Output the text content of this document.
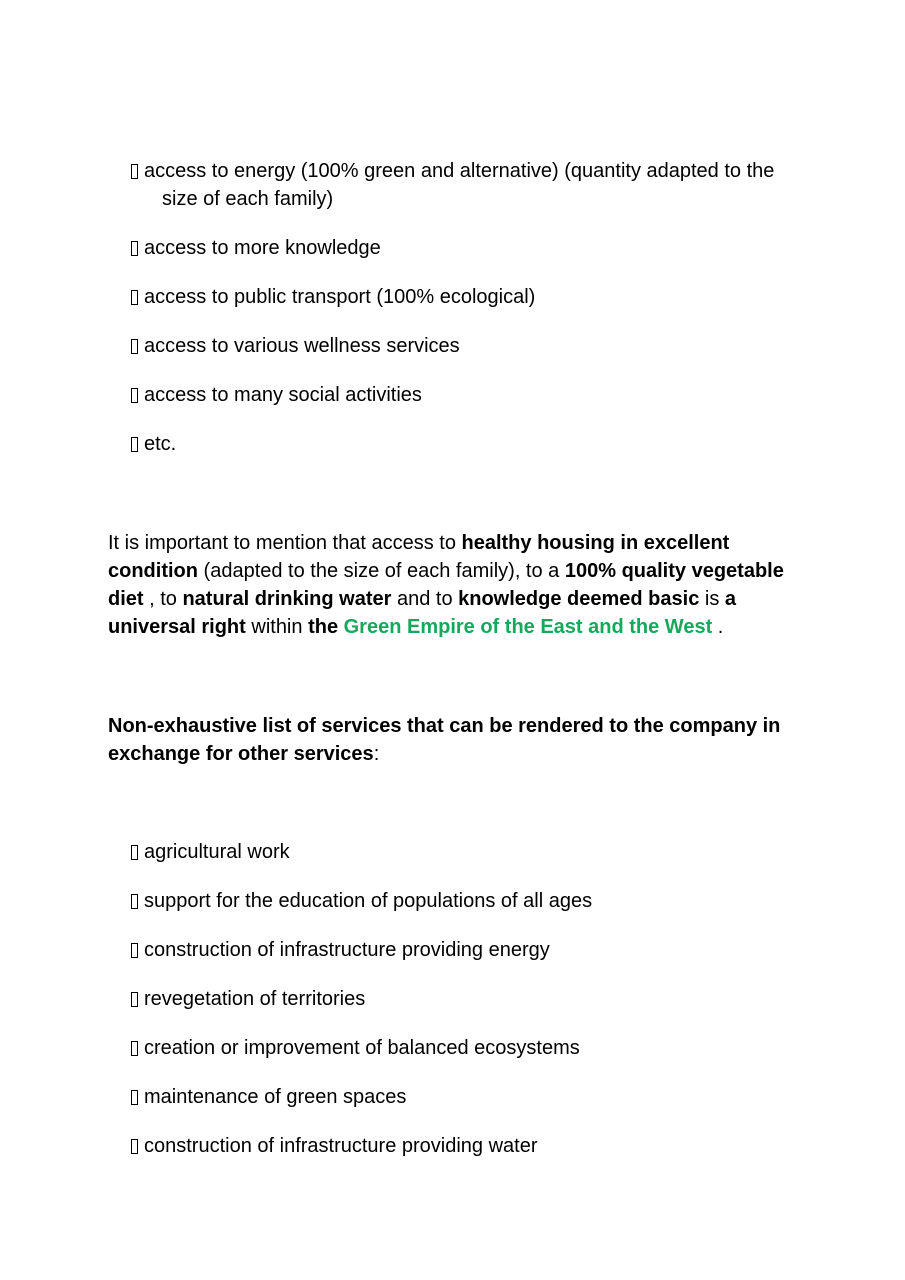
access to energy (100% green and alternative) (quantity adapted to the size of each family)
access to more knowledge
access to public transport (100% ecological)
access to various wellness services
access to many social activities
etc.

It is important to mention that access to healthy housing in excellent condition (adapted to the size of each family), to a 100% quality vegetable diet , to natural drinking water and to knowledge deemed basic is a universal right within the Green Empire of the East and the West .

Non-exhaustive list of services that can be rendered to the company in exchange for other services:

agricultural work
support for the education of populations of all ages
construction of infrastructure providing energy
revegetation of territories
creation or improvement of balanced ecosystems
maintenance of green spaces
construction of infrastructure providing water
